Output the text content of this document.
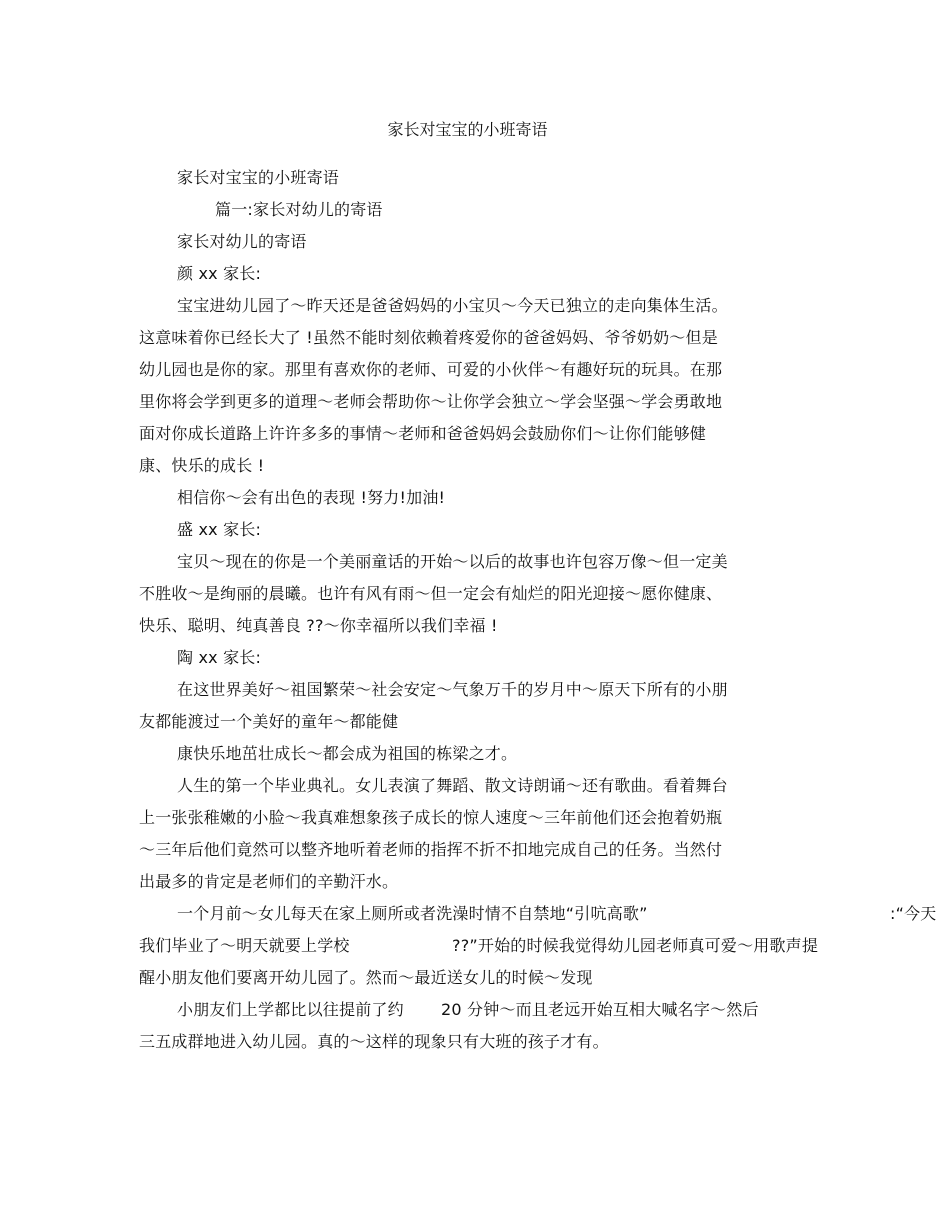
家长对宝宝的小班寄语
家长对宝宝的小班寄语
篇一:家长对幼儿的寄语
家长对幼儿的寄语
颜 xx 家长:
宝宝进幼儿园了～昨天还是爸爸妈妈的小宝贝～今天已独立的走向集体生活。
这意味着你已经长大了 !虽然不能时刻依赖着疼爱你的爸爸妈妈、爷爷奶奶～但是
幼儿园也是你的家。那里有喜欢你的老师、可爱的小伙伴～有趣好玩的玩具。在那
里你将会学到更多的道理～老师会帮助你～让你学会独立～学会坚强～学会勇敢地
面对你成长道路上许许多多的事情～老师和爸爸妈妈会鼓励你们～让你们能够健
康、快乐的成长 !
相信你～会有出色的表现 !努力!加油!
盛 xx 家长:
宝贝～现在的你是一个美丽童话的开始～以后的故事也许包容万像～但一定美
不胜收～是绚丽的晨曦。也许有风有雨～但一定会有灿烂的阳光迎接～愿你健康、
快乐、聪明、纯真善良 ??～你幸福所以我们幸福 !
陶 xx 家长:
在这世界美好～祖国繁荣～社会安定～气象万千的岁月中～原天下所有的小朋
友都能渡过一个美好的童年～都能健
康快乐地茁壮成长～都会成为祖国的栋梁之才。
人生的第一个毕业典礼。女儿表演了舞蹈、散文诗朗诵～还有歌曲。看着舞台
上一张张稚嫩的小脸～我真难想象孩子成长的惊人速度～三年前他们还会抱着奶瓶
～三年后他们竟然可以整齐地听着老师的指挥不折不扣地完成自己的任务。当然付
出最多的肯定是老师们的辛勤汗水。
一个月前～女儿每天在家上厕所或者洗澡时情不自禁地“引吭高歌”	:“今天
我们毕业了～明天就要上学校	??”开始的时候我觉得幼儿园老师真可爱～用歌声提
醒小朋友他们要离开幼儿园了。然而～最近送女儿的时候～发现
小朋友们上学都比以往提前了约 20 分钟～而且老远开始互相大喊名字～然后
三五成群地进入幼儿园。真的～这样的现象只有大班的孩子才有。
